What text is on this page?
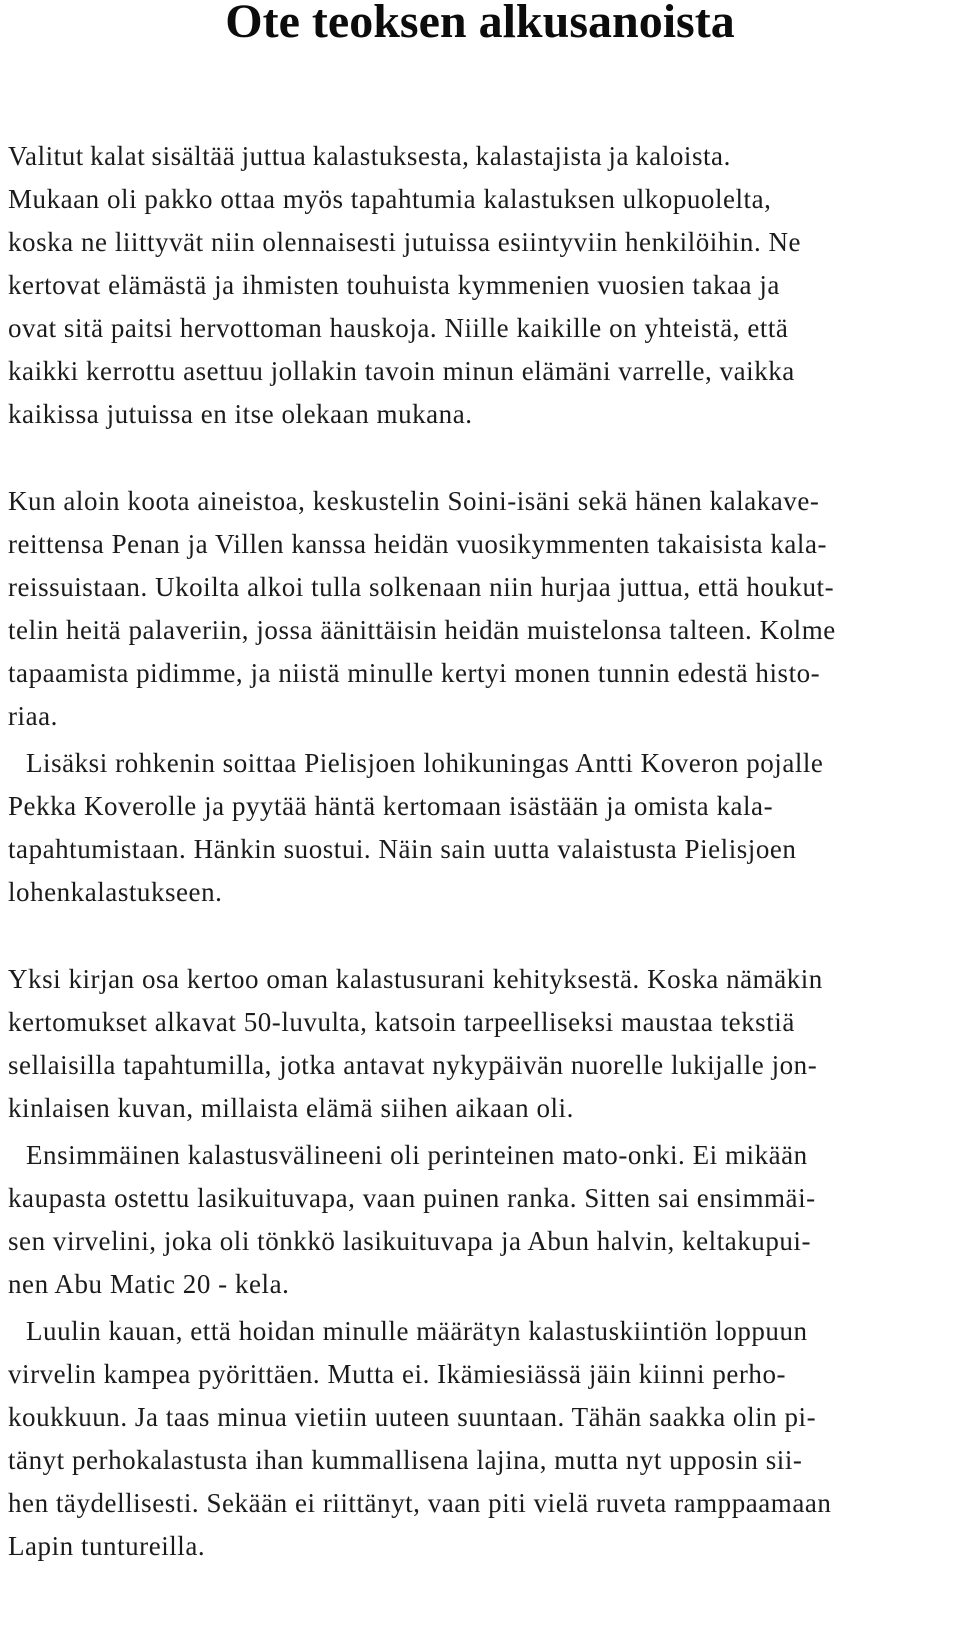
Ote teoksen alkusanoista
Valitut kalat sisältää juttua kalastuksesta, kalastajista ja kaloista.
Mukaan oli pakko ottaa myös tapahtumia kalastuksen ulkopuolelta,
koska ne liittyvät niin olennaisesti jutuissa esiintyviin henkilöihin. Ne
kertovat elämästä ja ihmisten touhuista kymmenien vuosien takaa ja
ovat sitä paitsi hervottoman hauskoja. Niille kaikille on yhteistä, että
kaikki kerrottu asettuu jollakin tavoin minun elämäni varrelle, vaikka
kaikissa jutuissa en itse olekaan mukana.
Kun aloin koota aineistoa, keskustelin Soini-isäni sekä hänen kalakave-
reittensa Penan ja Villen kanssa heidän vuosikymmenten takaisista kala-
reissuistaan. Ukoilta alkoi tulla solkenaan niin hurjaa juttua, että houkut-
telin heitä palaveriin, jossa äänittäisin heidän muistelonsa talteen. Kolme
tapaamista pidimme, ja niistä minulle kertyi monen tunnin edestä histo-
riaa.
Lisäksi rohkenin soittaa Pielisjoen lohikuningas Antti Koveron pojalle
Pekka Koverolle ja pyytää häntä kertomaan isästään ja omista kala-
tapahtumistaan. Hänkin suostui. Näin sain uutta valaistusta Pielisjoen
lohenkalastukseen.
Yksi kirjan osa kertoo oman kalastusurani kehityksestä. Koska nämäkin
kertomukset alkavat 50-luvulta, katsoin tarpeelliseksi maustaa tekstiä
sellaisilla tapahtumilla, jotka antavat nykypäivän nuorelle lukijalle jon-
kinlaisen kuvan, millaista elämä siihen aikaan oli.
Ensimmäinen kalastusvälineeni oli perinteinen mato-onki. Ei mikään
kaupasta ostettu lasikuituvapa, vaan puinen ranka. Sitten sai ensimmäi-
sen virvelini, joka oli tönkkö lasikuituvapa ja Abun halvin, keltakupui-
nen Abu Matic 20 - kela.
Luulin kauan, että hoidan minulle määrätyn kalastuskiintiön loppuun
virvelin kampea pyörittäen. Mutta ei. Ikämiesiässä jäin kiinni perho-
koukkuun. Ja taas minua vietiin uuteen suuntaan. Tähän saakka olin pi-
tänyt perhokalastusta ihan kummallisena lajina, mutta nyt upposin sii-
hen täydellisesti. Sekään ei riittänyt, vaan piti vielä ruveta ramppaamaan
Lapin tuntureilla.
